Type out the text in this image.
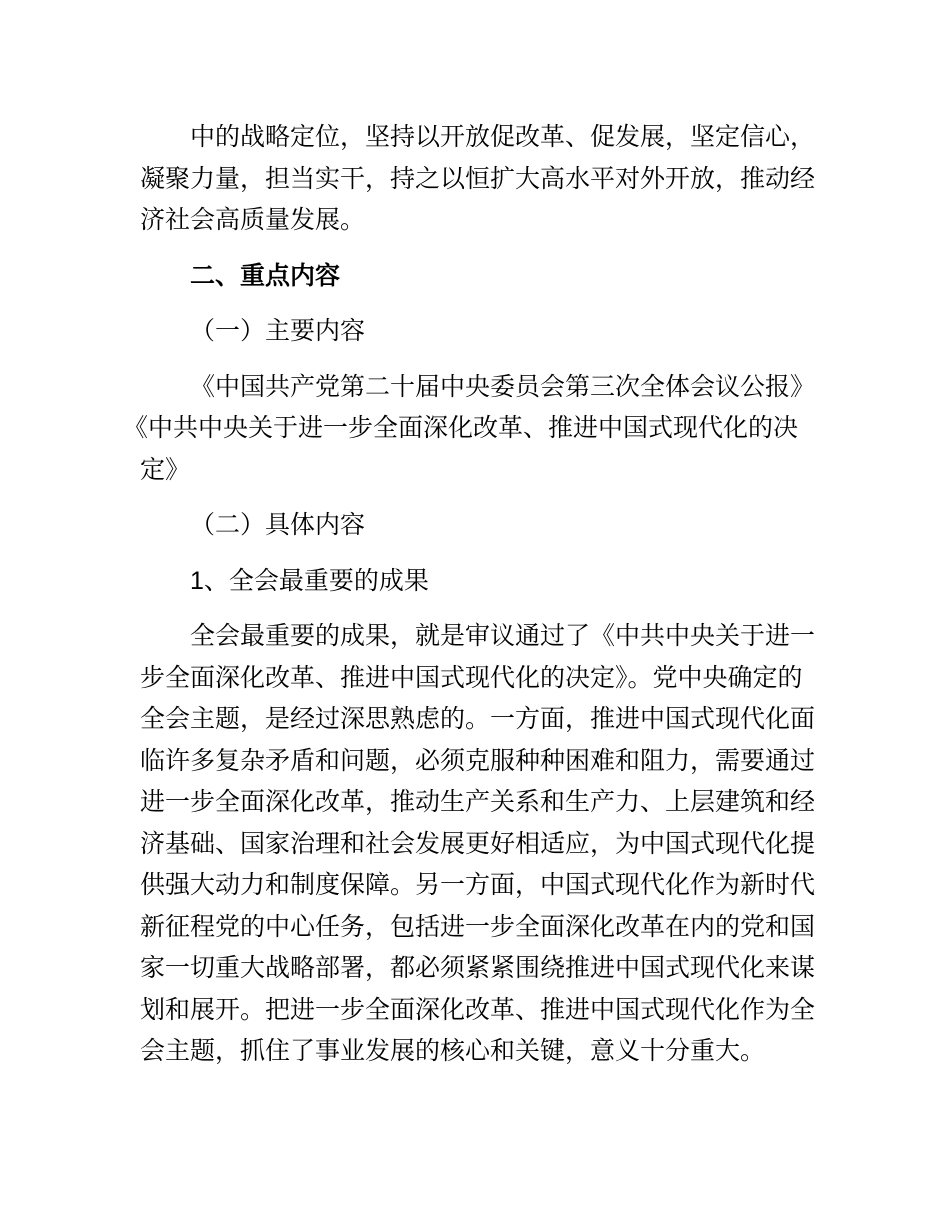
中的战略定位，坚持以开放促改革、促发展，坚定信心，
凝聚力量，担当实干，持之以恒扩大高水平对外开放，推动经
济社会高质量发展。
二、重点内容
（一）主要内容
《中国共产党第二十届中央委员会第三次全体会议公报》
《中共中央关于进一步全面深化改革、推进中国式现代化的决
定》
（二）具体内容
1、全会最重要的成果
全会最重要的成果，就是审议通过了《中共中央关于进一
步全面深化改革、推进中国式现代化的决定》。党中央确定的
全会主题，是经过深思熟虑的。一方面，推进中国式现代化面
临许多复杂矛盾和问题，必须克服种种困难和阻力，需要通过
进一步全面深化改革，推动生产关系和生产力、上层建筑和经
济基础、国家治理和社会发展更好相适应，为中国式现代化提
供强大动力和制度保障。另一方面，中国式现代化作为新时代
新征程党的中心任务，包括进一步全面深化改革在内的党和国
家一切重大战略部署，都必须紧紧围绕推进中国式现代化来谋
划和展开。把进一步全面深化改革、推进中国式现代化作为全
会主题，抓住了事业发展的核心和关键，意义十分重大。
